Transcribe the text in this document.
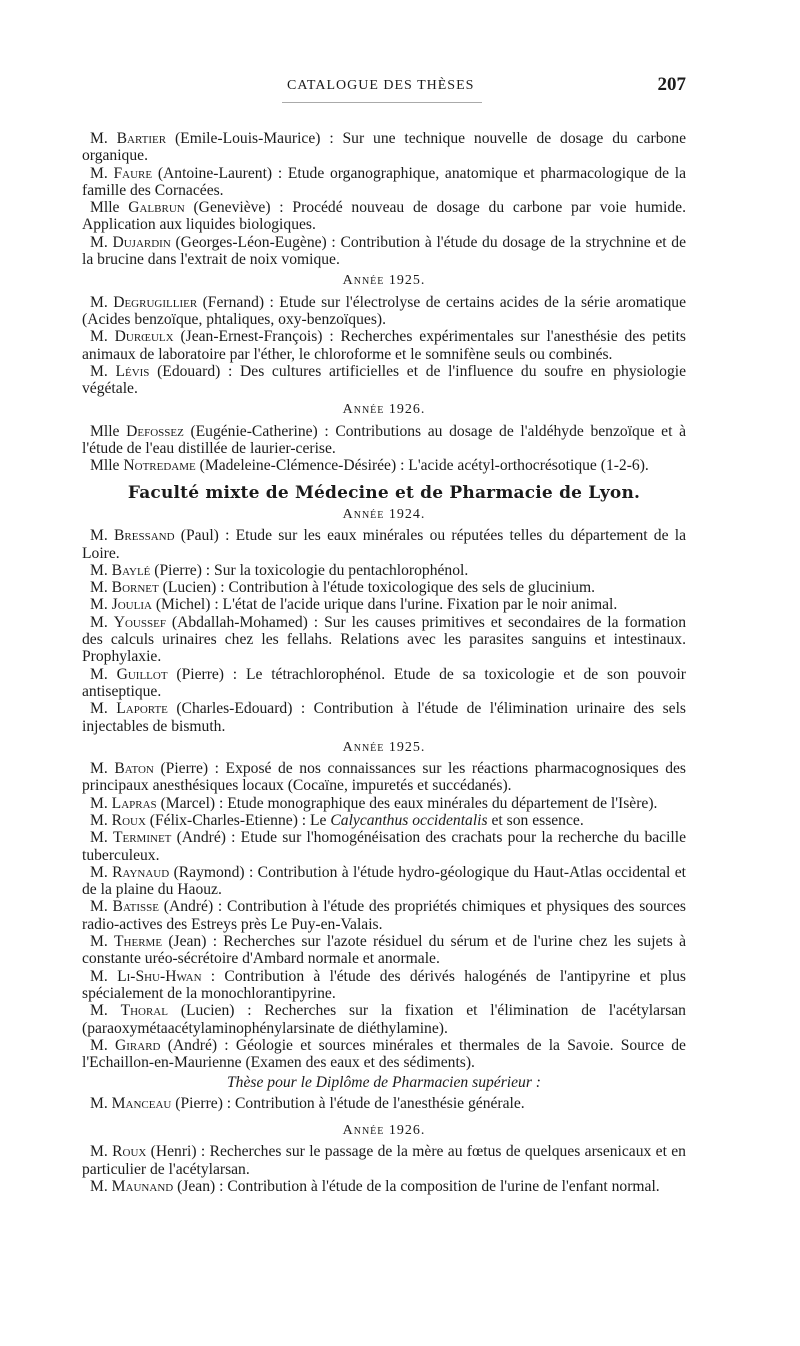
CATALOGUE DES THÈSES	207

M. Bartier (Emile-Louis-Maurice) : Sur une technique nouvelle de dosage du carbone organique.

M. Faure (Antoine-Laurent) : Etude organographique, anatomique et pharmacologique de la famille des Cornacées.

Mlle Galbrun (Geneviève) : Procédé nouveau de dosage du carbone par voie humide. Application aux liquides biologiques.

M. Dujardin (Georges-Léon-Eugène) : Contribution à l'étude du dosage de la strychnine et de la brucine dans l'extrait de noix vomique.

Année 1925.

M. Degrugillier (Fernand) : Etude sur l'électrolyse de certains acides de la série aromatique (Acides benzoïque, phtaliques, oxy-benzoïques).

M. Durœulx (Jean-Ernest-François) : Recherches expérimentales sur l'anesthésie des petits animaux de laboratoire par l'éther, le chloroforme et le somnifène seuls ou combinés.

M. Lévis (Edouard) : Des cultures artificielles et de l'influence du soufre en physiologie végétale.

Année 1926.

Mlle Defossez (Eugénie-Catherine) : Contributions au dosage de l'aldéhyde benzoïque et à l'étude de l'eau distillée de laurier-cerise.

Mlle Notredame (Madeleine-Clémence-Désirée) : L'acide acétyl-orthocrésotique (1-2-6).

Faculté mixte de Médecine et de Pharmacie de Lyon.
Année 1924.

M. Bressand (Paul) : Etude sur les eaux minérales ou réputées telles du département de la Loire.

M. Baylé (Pierre) : Sur la toxicologie du pentachlorophénol.

M. Bornet (Lucien) : Contribution à l'étude toxicologique des sels de glucinium.

M. Joulia (Michel) : L'état de l'acide urique dans l'urine. Fixation par le noir animal.

M. Youssef (Abdallah-Mohamed) : Sur les causes primitives et secondaires de la formation des calculs urinaires chez les fellahs. Relations avec les parasites sanguins et intestinaux. Prophylaxie.

M. Guillot (Pierre) : Le tétrachlorophénol. Etude de sa toxicologie et de son pouvoir antiseptique.

M. Laporte (Charles-Edouard) : Contribution à l'étude de l'élimination urinaire des sels injectables de bismuth.

Année 1925.

M. Baton (Pierre) : Exposé de nos connaissances sur les réactions pharmacognosiques des principaux anesthésiques locaux (Cocaïne, impuretés et succédanés).

M. Lapras (Marcel) : Etude monographique des eaux minérales du département de l'Isère).

M. Roux (Félix-Charles-Etienne) : Le Calycanthus occidentalis et son essence.

M. Terminet (André) : Etude sur l'homogénéisation des crachats pour la recherche du bacille tuberculeux.

M. Raynaud (Raymond) : Contribution à l'étude hydro-géologique du Haut-Atlas occidental et de la plaine du Haouz.

M. Batisse (André) : Contribution à l'étude des propriétés chimiques et physiques des sources radio-actives des Estreys près Le Puy-en-Valais.

M. Therme (Jean) : Recherches sur l'azote résiduel du sérum et de l'urine chez les sujets à constante uréo-sécrétoire d'Ambard normale et anormale.

M. Li-Shu-Hwan : Contribution à l'étude des dérivés halogénés de l'antipyrine et plus spécialement de la monochlorantipyrine.

M. Thoral (Lucien) : Recherches sur la fixation et l'élimination de l'acétylarsan (paraoxymétaacétylaminophénylarsinate de diéthylamine).

M. Girard (André) : Géologie et sources minérales et thermales de la Savoie. Source de l'Echaillon-en-Maurienne (Examen des eaux et des sédiments).

Thèse pour le Diplôme de Pharmacien supérieur :

M. Manceau (Pierre) : Contribution à l'étude de l'anesthésie générale.

Année 1926.

M. Roux (Henri) : Recherches sur le passage de la mère au fœtus de quelques arsenicaux et en particulier de l'acétylarsan.

M. Maunand (Jean) : Contribution à l'étude de la composition de l'urine de l'enfant normal.
